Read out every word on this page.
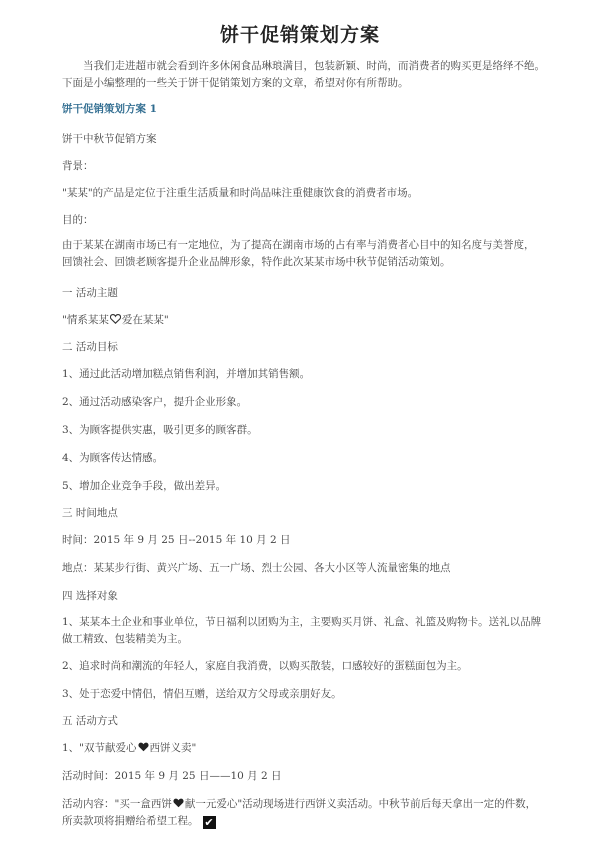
饼干促销策划方案

当我们走进超市就会看到许多休闲食品琳琅满目，包装新颖、时尚，而消费者的购买更是络绎不绝。下面是小编整理的一些关于饼干促销策划方案的文章，希望对你有所帮助。

饼干促销策划方案 1

饼干中秋节促销方案

背景：

"某某"的产品是定位于注重生活质量和时尚品味注重健康饮食的消费者市场。

目的：

由于某某在湖南市场已有一定地位，为了提高在湖南市场的占有率与消费者心目中的知名度与美誉度，回馈社会、回馈老顾客提升企业品牌形象，特作此次某某市场中秋节促销活动策划。

一 活动主题

"情系某某 爱在某某"

二 活动目标

1、通过此活动增加糕点销售利润，并增加其销售额。

2、通过活动感染客户，提升企业形象。

3、为顾客提供实惠，吸引更多的顾客群。

4、为顾客传达情感。

5、增加企业竞争手段，做出差异。

三 时间地点

时间：2015 年 9 月 25 日--2015 年 10 月 2 日

地点：某某步行街、黄兴广场、五一广场、烈士公园、各大小区等人流量密集的地点

四 选择对象

1、某某本土企业和事业单位，节日福利以团购为主，主要购买月饼、礼盒、礼篮及购物卡。送礼以品牌做工精致、包装精美为主。

2、追求时尚和潮流的年轻人，家庭自我消费，以购买散装，口感较好的蛋糕面包为主。

3、处于恋爱中情侣，情侣互赠，送给双方父母或亲朋好友。

五 活动方式

1、"双节献爱心 西饼义卖"

活动时间：2015 年 9 月 25 日——10 月 2 日

活动内容："买一盒西饼 献一元爱心"活动现场进行西饼义卖活动。中秋节前后每天拿出一定的件数，所卖款项将捐赠给希望工程。 ✔
